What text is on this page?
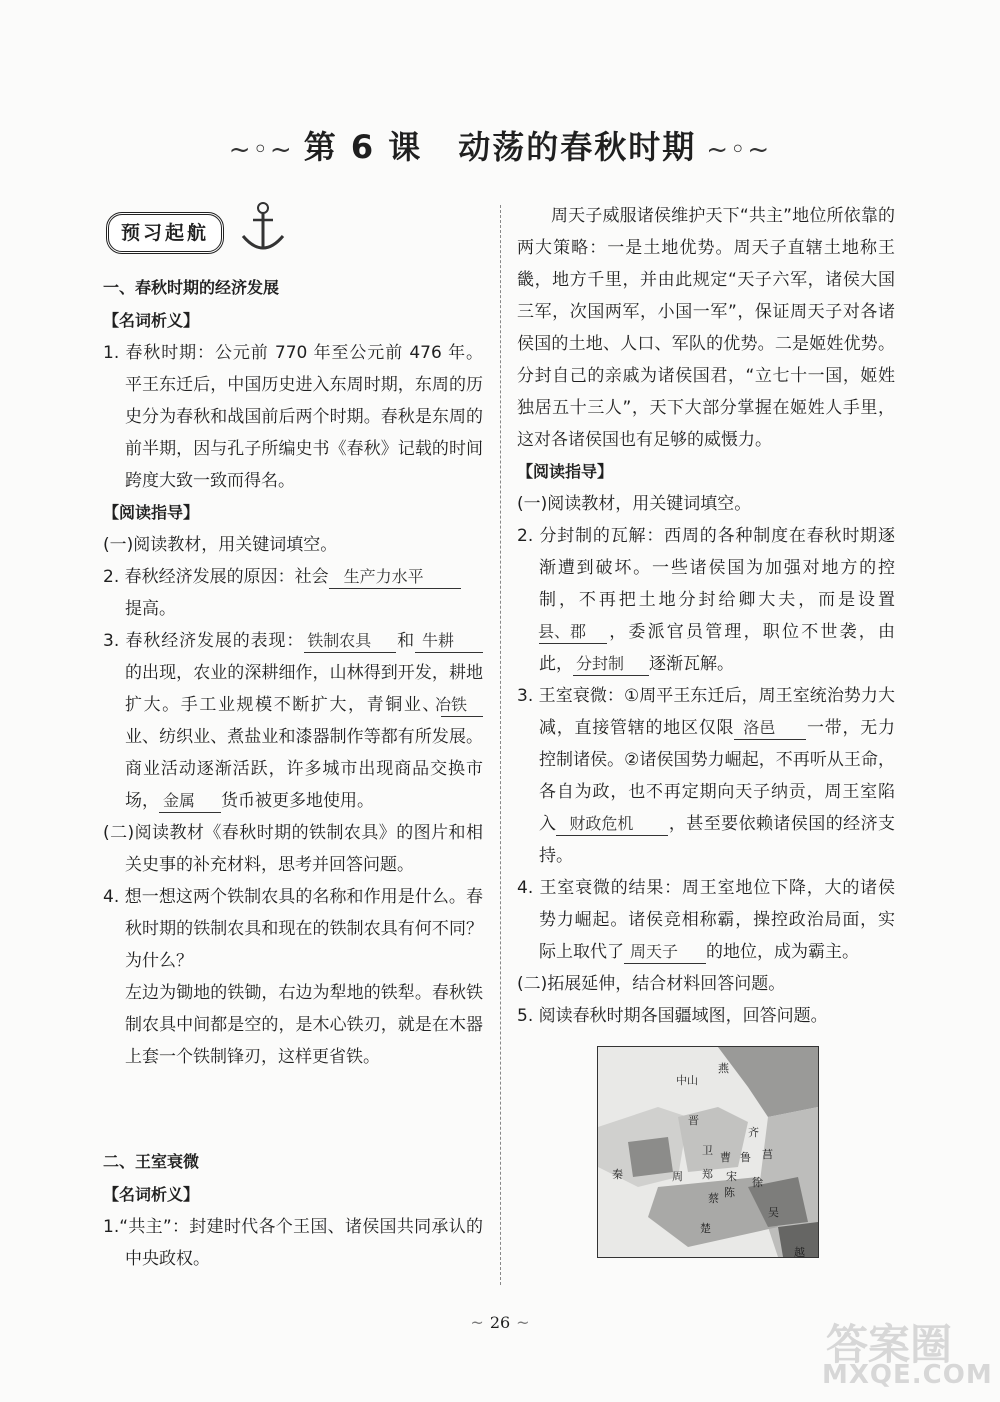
~◦~ 第 6 课 动荡的春秋时期 ~◦~
预习起航
一、春秋时期的经济发展
【名词析义】

1. 春秋时期：公元前 770 年至公元前 476 年。平王东迁后，中国历史进入东周时期，东周的历史分为春秋和战国前后两个时期。春秋是东周的前半期，因与孔子所编史书《春秋》记载的时间跨度大致一致而得名。

【阅读指导】

(一)阅读教材，用关键词填空。

2. 春秋经济发展的原因：社会 生产力水平
提高。

3. 春秋经济发展的表现： 铁制农具 和 牛耕的出现，农业的深耕细作，山林得到开发，耕地扩大。手工业规模不断扩大，青铜业、冶铁业、纺织业、煮盐业和漆器制作等都有所发展。商业活动逐渐活跃，许多城市出现商品交换市场， 金属 货币被更多地使用。

(二)阅读教材《春秋时期的铁制农具》的图片和相关史事的补充材料，思考并回答问题。

4. 想一想这两个铁制农具的名称和作用是什么。春秋时期的铁制农具和现在的铁制农具有何不同？为什么？

左边为锄地的铁锄，右边为犁地的铁犁。春秋铁制农具中间都是空的，是木心铁刃，就是在木器上套一个铁制锋刃，这样更省铁。

二、王室衰微
【名词析义】

1.“共主”：封建时代各个王国、诸侯国共同承认的中央政权。

周天子威服诸侯维护天下“共主”地位所依靠的两大策略：一是土地优势。周天子直辖土地称王畿，地方千里，并由此规定“天子六军，诸侯大国三军，次国两军，小国一军”，保证周天子对各诸侯国的土地、人口、军队的优势。二是姬姓优势。分封自己的亲戚为诸侯国君，“立七十一国，姬姓独居五十三人”，天下大部分掌握在姬姓人手里，这对各诸侯国也有足够的威慑力。

【阅读指导】

(一)阅读教材，用关键词填空。

2. 分封制的瓦解：西周的各种制度在春秋时期逐渐遭到破坏。一些诸侯国为加强对地方的控制，不再把土地分封给卿大夫，而是设置县、郡 ，委派官员管理，职位不世袭，由此， 分封制 逐渐瓦解。

3. 王室衰微：①周平王东迁后，周王室统治势力大减，直接管辖的地区仅限 洛邑 一带，无力控制诸侯。②诸侯国势力崛起，不再听从王命，各自为政，也不再定期向天子纳贡，周王室陷入 财政危机 ，甚至要依赖诸侯国的经济支持。

4. 王室衰微的结果：周王室地位下降，大的诸侯势力崛起。诸侯竞相称霸，操控政治局面，实际上取代了 周天子 的地位，成为霸主。

(二)拓展延伸，结合材料回答问题。

5. 阅读春秋时期各国疆域图，回答问题。

燕
中山
晋
齐
秦
卫
曹 鲁 莒
周 郑 宋 徐
蔡 陈
楚
吴
越
~ 26 ~	答案圈
MXQE.COM
